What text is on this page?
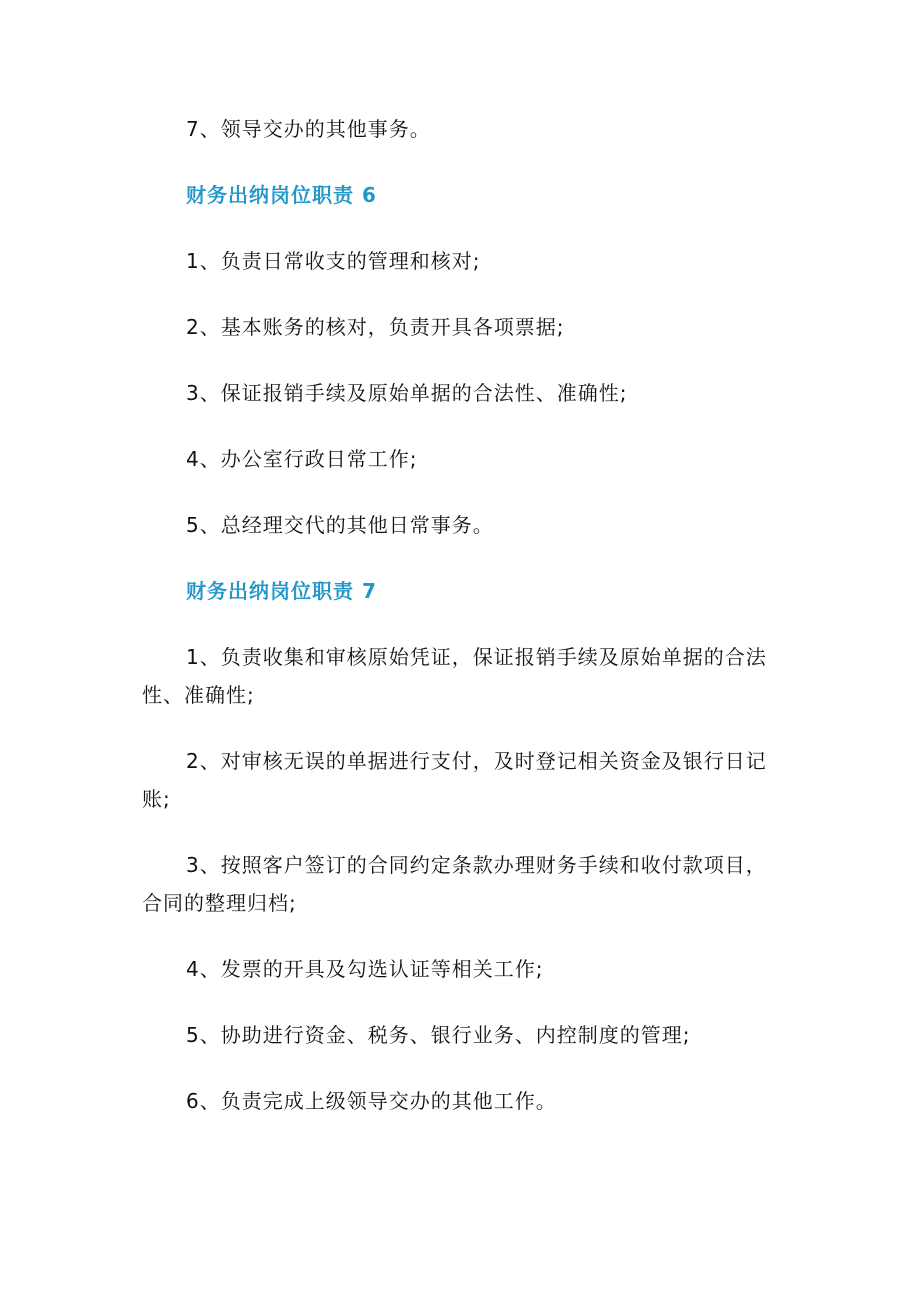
7、领导交办的其他事务。

财务出纳岗位职责 6

1、负责日常收支的管理和核对;

2、基本账务的核对，负责开具各项票据;

3、保证报销手续及原始单据的合法性、准确性;

4、办公室行政日常工作;

5、总经理交代的其他日常事务。

财务出纳岗位职责 7

1、负责收集和审核原始凭证，保证报销手续及原始单据的合法性、准确性;

2、对审核无误的单据进行支付，及时登记相关资金及银行日记账;

3、按照客户签订的合同约定条款办理财务手续和收付款项目，合同的整理归档;

4、发票的开具及勾选认证等相关工作;

5、协助进行资金、税务、银行业务、内控制度的管理;

6、负责完成上级领导交办的其他工作。
